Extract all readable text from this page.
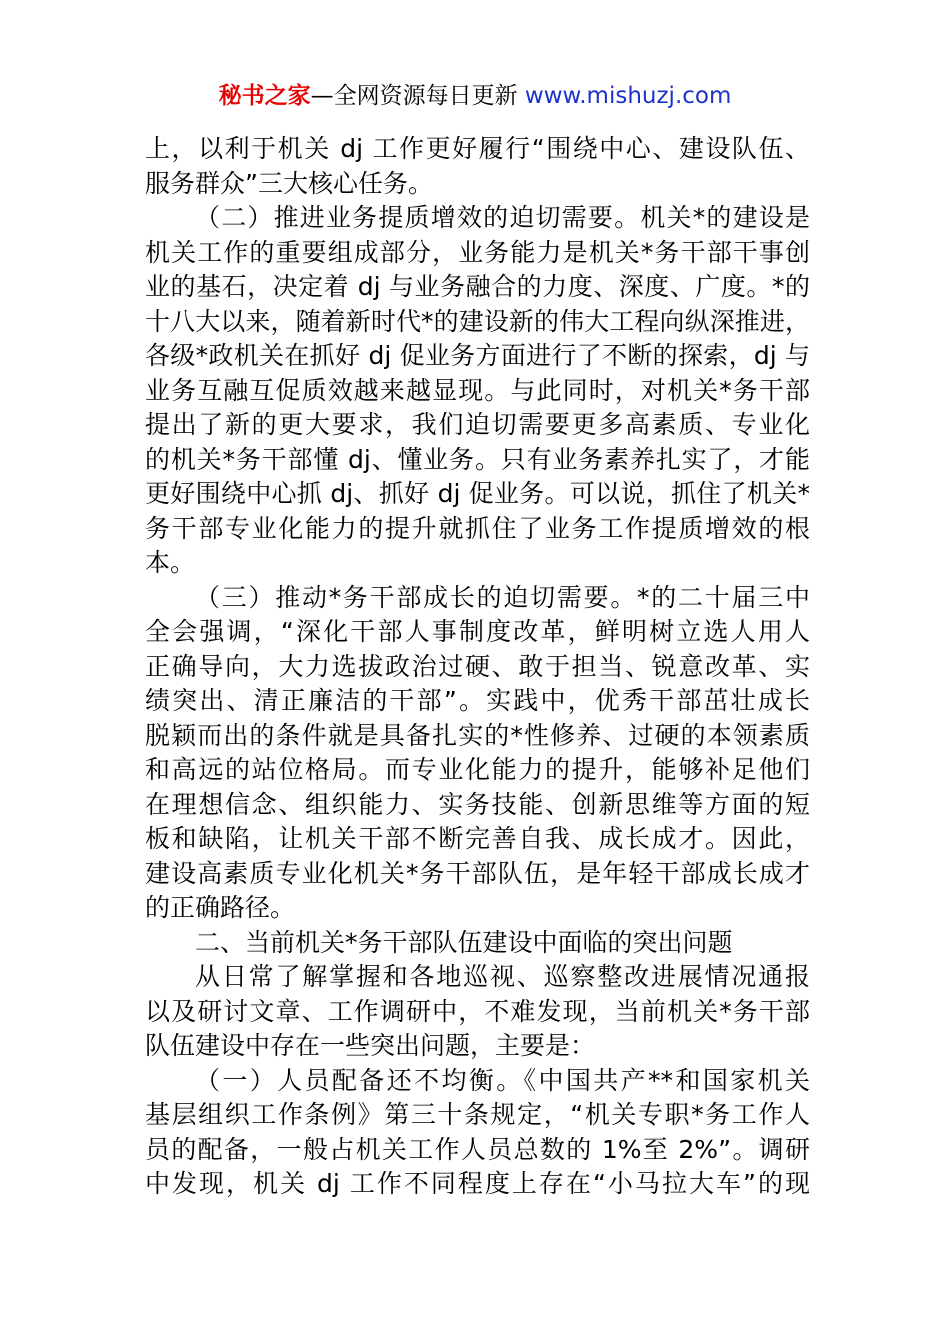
秘书之家—全网资源每日更新 www.mishuzj.com
上，以利于机关 dj 工作更好履行“围绕中心、建设队伍、
服务群众”三大核心任务。
（二）推进业务提质增效的迫切需要。机关*的建设是
机关工作的重要组成部分，业务能力是机关*务干部干事创
业的基石，决定着 dj 与业务融合的力度、深度、广度。*的
十八大以来，随着新时代*的建设新的伟大工程向纵深推进，
各级*政机关在抓好 dj 促业务方面进行了不断的探索，dj 与
业务互融互促质效越来越显现。与此同时，对机关*务干部
提出了新的更大要求，我们迫切需要更多高素质、专业化
的机关*务干部懂 dj、懂业务。只有业务素养扎实了，才能
更好围绕中心抓 dj、抓好 dj 促业务。可以说，抓住了机关*
务干部专业化能力的提升就抓住了业务工作提质增效的根
本。
（三）推动*务干部成长的迫切需要。*的二十届三中
全会强调，“深化干部人事制度改革，鲜明树立选人用人
正确导向，大力选拔政治过硬、敢于担当、锐意改革、实
绩突出、清正廉洁的干部”。实践中，优秀干部茁壮成长
脱颖而出的条件就是具备扎实的*性修养、过硬的本领素质
和高远的站位格局。而专业化能力的提升，能够补足他们
在理想信念、组织能力、实务技能、创新思维等方面的短
板和缺陷，让机关干部不断完善自我、成长成才。因此，
建设高素质专业化机关*务干部队伍，是年轻干部成长成才
的正确路径。
二、当前机关*务干部队伍建设中面临的突出问题
从日常了解掌握和各地巡视、巡察整改进展情况通报
以及研讨文章、工作调研中，不难发现，当前机关*务干部
队伍建设中存在一些突出问题，主要是：
（一）人员配备还不均衡。《中国共产**和国家机关
基层组织工作条例》第三十条规定，“机关专职*务工作人
员的配备，一般占机关工作人员总数的 1%至 2%”。调研
中发现，机关 dj 工作不同程度上存在“小马拉大车”的现
